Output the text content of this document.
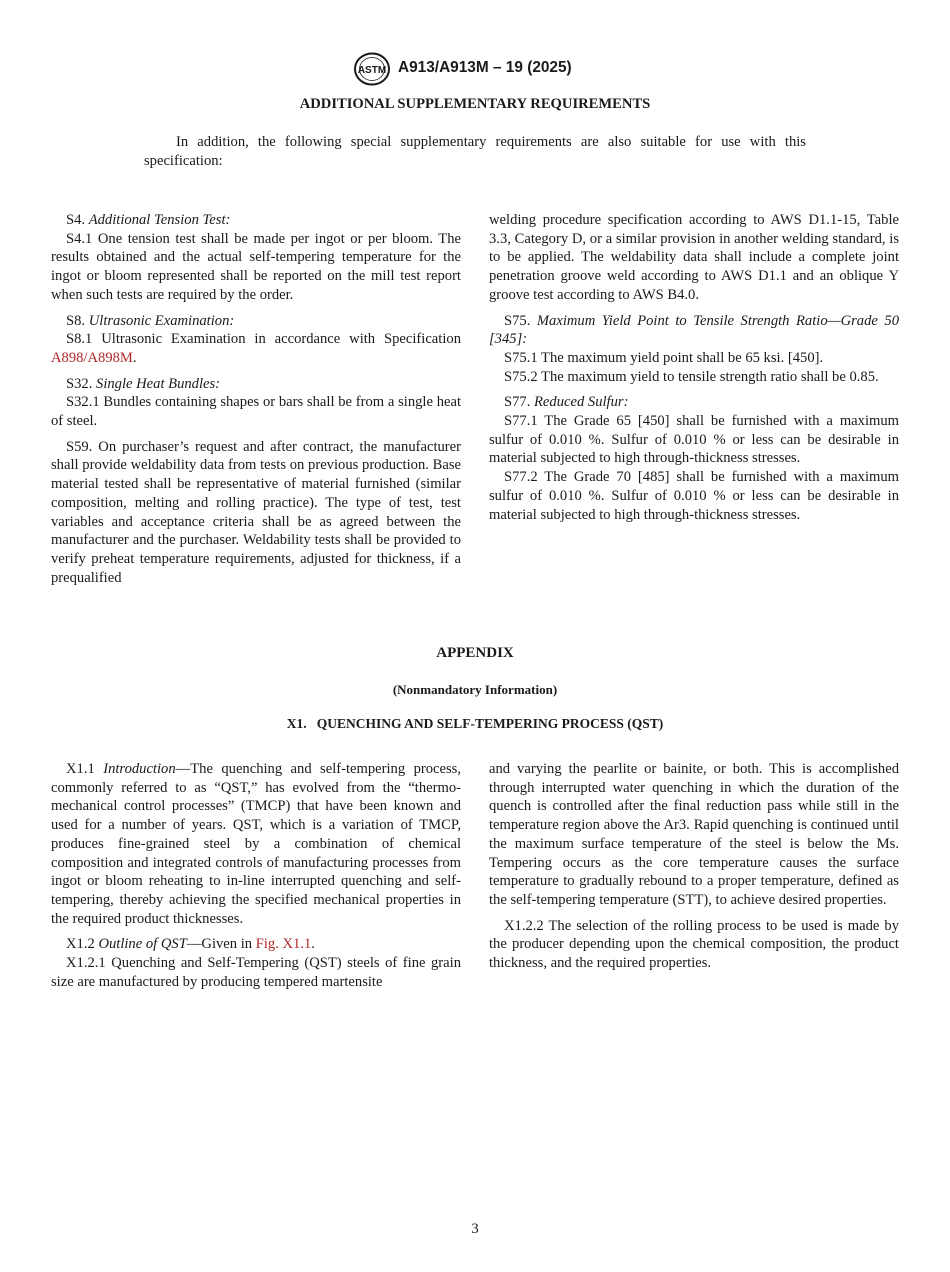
ASTM A913/A913M – 19 (2025)
ADDITIONAL SUPPLEMENTARY REQUIREMENTS

In addition, the following special supplementary requirements are also suitable for use with this specification:

S4. Additional Tension Test:

S4.1 One tension test shall be made per ingot or per bloom. The results obtained and the actual self-tempering temperature for the ingot or bloom represented shall be reported on the mill test report when such tests are required by the order.

S8. Ultrasonic Examination:

S8.1 Ultrasonic Examination in accordance with Specification A898/A898M.

S32. Single Heat Bundles:

S32.1 Bundles containing shapes or bars shall be from a single heat of steel.

S59. On purchaser’s request and after contract, the manufacturer shall provide weldability data from tests on previous production. Base material tested shall be representative of material furnished (similar composition, melting and rolling practice). The type of test, test variables and acceptance criteria shall be as agreed between the manufacturer and the purchaser. Weldability tests shall be provided to verify preheat temperature requirements, adjusted for thickness, if a prequalified

welding procedure specification according to AWS D1.1-15, Table 3.3, Category D, or a similar provision in another welding standard, is to be applied. The weldability data shall include a complete joint penetration groove weld according to AWS D1.1 and an oblique Y groove test according to AWS B4.0.

S75. Maximum Yield Point to Tensile Strength Ratio—Grade 50 [345]:

S75.1 The maximum yield point shall be 65 ksi. [450].

S75.2 The maximum yield to tensile strength ratio shall be 0.85.

S77. Reduced Sulfur:

S77.1 The Grade 65 [450] shall be furnished with a maximum sulfur of 0.010 %. Sulfur of 0.010 % or less can be desirable in material subjected to high through-thickness stresses.

S77.2 The Grade 70 [485] shall be furnished with a maximum sulfur of 0.010 %. Sulfur of 0.010 % or less can be desirable in material subjected to high through-thickness stresses.

APPENDIX
(Nonmandatory Information)
X1.   QUENCHING AND SELF-TEMPERING PROCESS (QST)

X1.1 Introduction—The quenching and self-tempering process, commonly referred to as “QST,” has evolved from the “thermo-mechanical control processes” (TMCP) that have been known and used for a number of years. QST, which is a variation of TMCP, produces fine-grained steel by a combination of chemical composition and integrated controls of manufacturing processes from ingot or bloom reheating to in-line interrupted quenching and self-tempering, thereby achieving the specified mechanical properties in the required product thicknesses.

X1.2 Outline of QST—Given in Fig. X1.1.

X1.2.1 Quenching and Self-Tempering (QST) steels of fine grain size are manufactured by producing tempered martensite

and varying the pearlite or bainite, or both. This is accomplished through interrupted water quenching in which the duration of the quench is controlled after the final reduction pass while still in the temperature region above the Ar3. Rapid quenching is continued until the maximum surface temperature of the steel is below the Ms. Tempering occurs as the core temperature causes the surface temperature to gradually rebound to a proper temperature, defined as the self-tempering temperature (STT), to achieve desired properties.

X1.2.2 The selection of the rolling process to be used is made by the producer depending upon the chemical composition, the product thickness, and the required properties.

3
